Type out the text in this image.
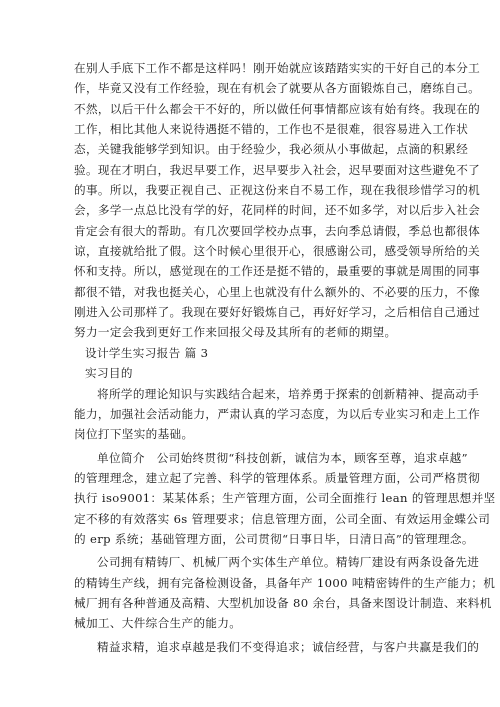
在别人手底下工作不都是这样吗！刚开始就应该踏踏实实的干好自己的本分工
作，毕竟又没有工作经验，现在有机会了就要从各方面锻炼自己，磨练自己。
不然，以后干什么都会干不好的，所以做任何事情都应该有始有终。我现在的
工作，相比其他人来说待遇挺不错的，工作也不是很难，很容易进入工作状
态，关键我能够学到知识。由于经验少，我必须从小事做起，点滴的积累经
验。现在才明白，我迟早要工作，迟早要步入社会，迟早要面对这些避免不了
的事。所以，我要正视自己、正视这份来自不易工作，现在我很珍惜学习的机
会，多学一点总比没有学的好，花同样的时间，还不如多学，对以后步入社会
肯定会有很大的帮助。有几次要回学校办点事，去向季总请假，季总也都很体
谅，直接就给批了假。这个时候心里很开心，很感谢公司，感受领导所给的关
怀和支持。所以，感觉现在的工作还是挺不错的，最重要的事就是周围的同事
都很不错，对我也挺关心，心里上也就没有什么额外的、不必要的压力，不像
刚进入公司那样了。我现在要好好锻炼自己，再好好学习，之后相信自己通过
努力一定会我到更好工作来回报父母及其所有的老师的期望。
设计学生实习报告 篇 3
实习目的
将所学的理论知识与实践结合起来，培养勇于探索的创新精神、提高动手
能力，加强社会活动能力，严肃认真的学习态度，为以后专业实习和走上工作
岗位打下坚实的基础。
单位简介　公司始终贯彻“科技创新，诚信为本，顾客至尊，追求卓越”
的管理理念，建立起了完善、科学的管理体系。质量管理方面，公司严格贯彻
执行 iso9001：某某体系；生产管理方面，公司全面推行 lean 的管理思想并坚
定不移的有效落实 6s 管理要求；信息管理方面，公司全面、有效运用金蝶公司
的 erp 系统；基础管理方面，公司贯彻“日事日毕，日清日高”的管理理念。
公司拥有精铸厂、机械厂两个实体生产单位。精铸厂建设有两条设备先进
的精铸生产线，拥有完备检测设备，具备年产 1000 吨精密铸件的生产能力；机
械厂拥有各种普通及高精、大型机加设备 80 余台，具备来图设计制造、来料机
械加工、大件综合生产的能力。
精益求精，追求卓越是我们不变得追求；诚信经营，与客户共赢是我们的
